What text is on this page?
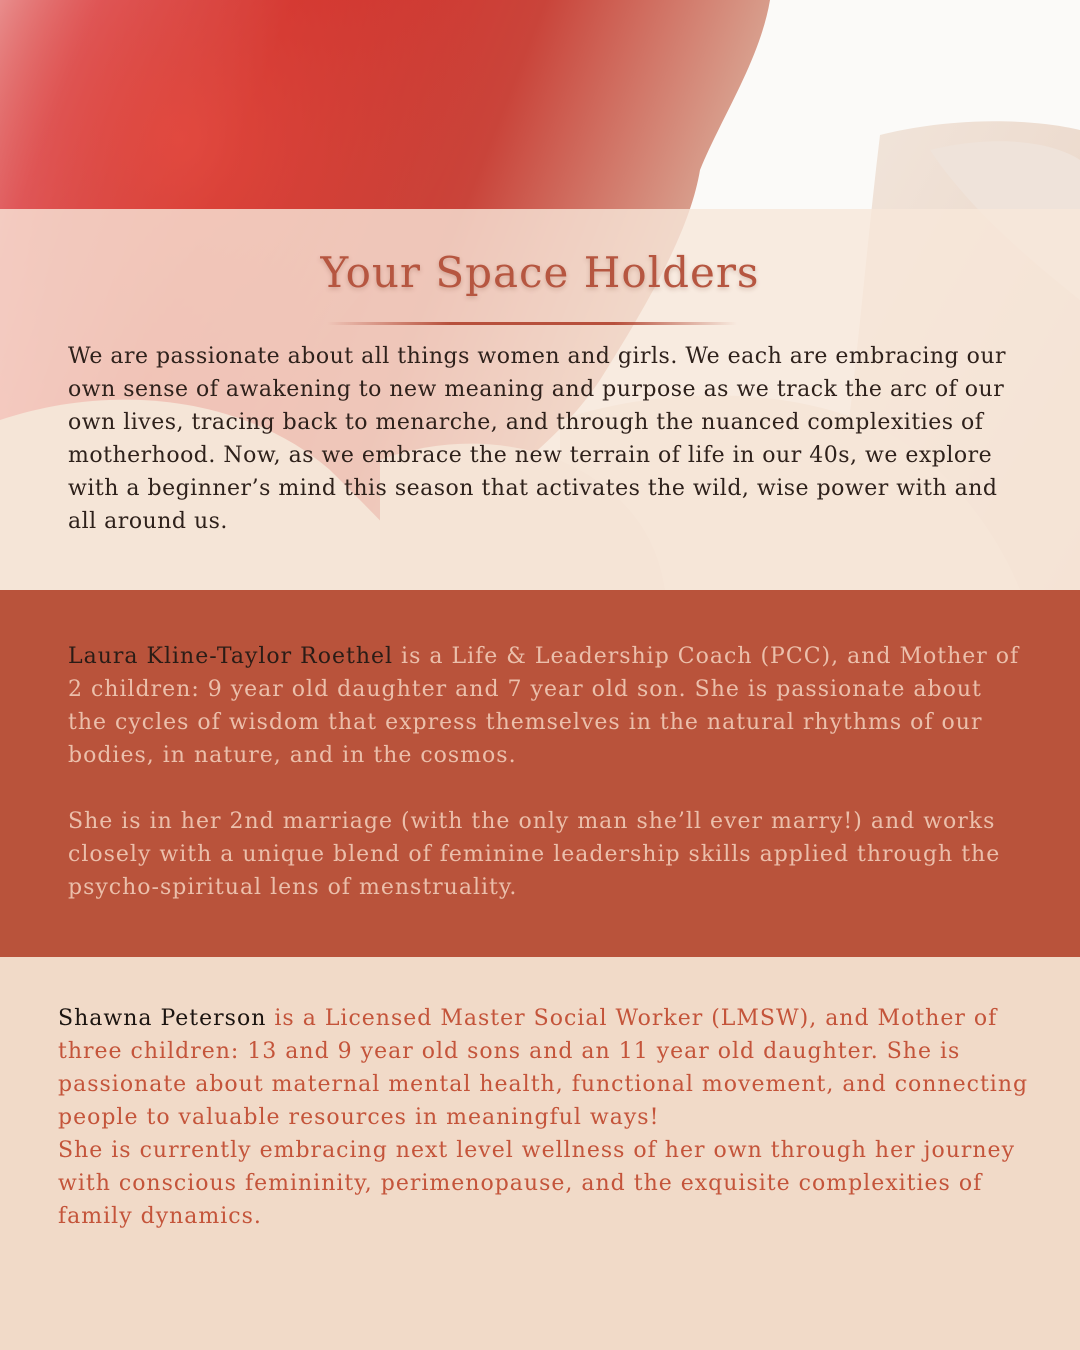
Your Space Holders

We are passionate about all things women and girls. We each are embracing our own sense of awakening to new meaning and purpose as we track the arc of our own lives, tracing back to menarche, and through the nuanced complexities of motherhood. Now, as we embrace the new terrain of life in our 40s, we explore with a beginner’s mind this season that activates the wild, wise power with and all around us.

Laura Kline-Taylor Roethel is a Life & Leadership Coach (PCC), and Mother of 2 children: 9 year old daughter and 7 year old son. She is passionate about the cycles of wisdom that express themselves in the natural rhythms of our bodies, in nature, and in the cosmos.
She is in her 2nd marriage (with the only man she’ll ever marry!) and works closely with a unique blend of feminine leadership skills applied through the psycho-spiritual lens of menstruality.

Shawna Peterson is a Licensed Master Social Worker (LMSW), and Mother of three children: 13 and 9 year old sons and an 11 year old daughter. She is passionate about maternal mental health, functional movement, and connecting people to valuable resources in meaningful ways!
She is currently embracing next level wellness of her own through her journey with conscious femininity, perimenopause, and the exquisite complexities of family dynamics.
